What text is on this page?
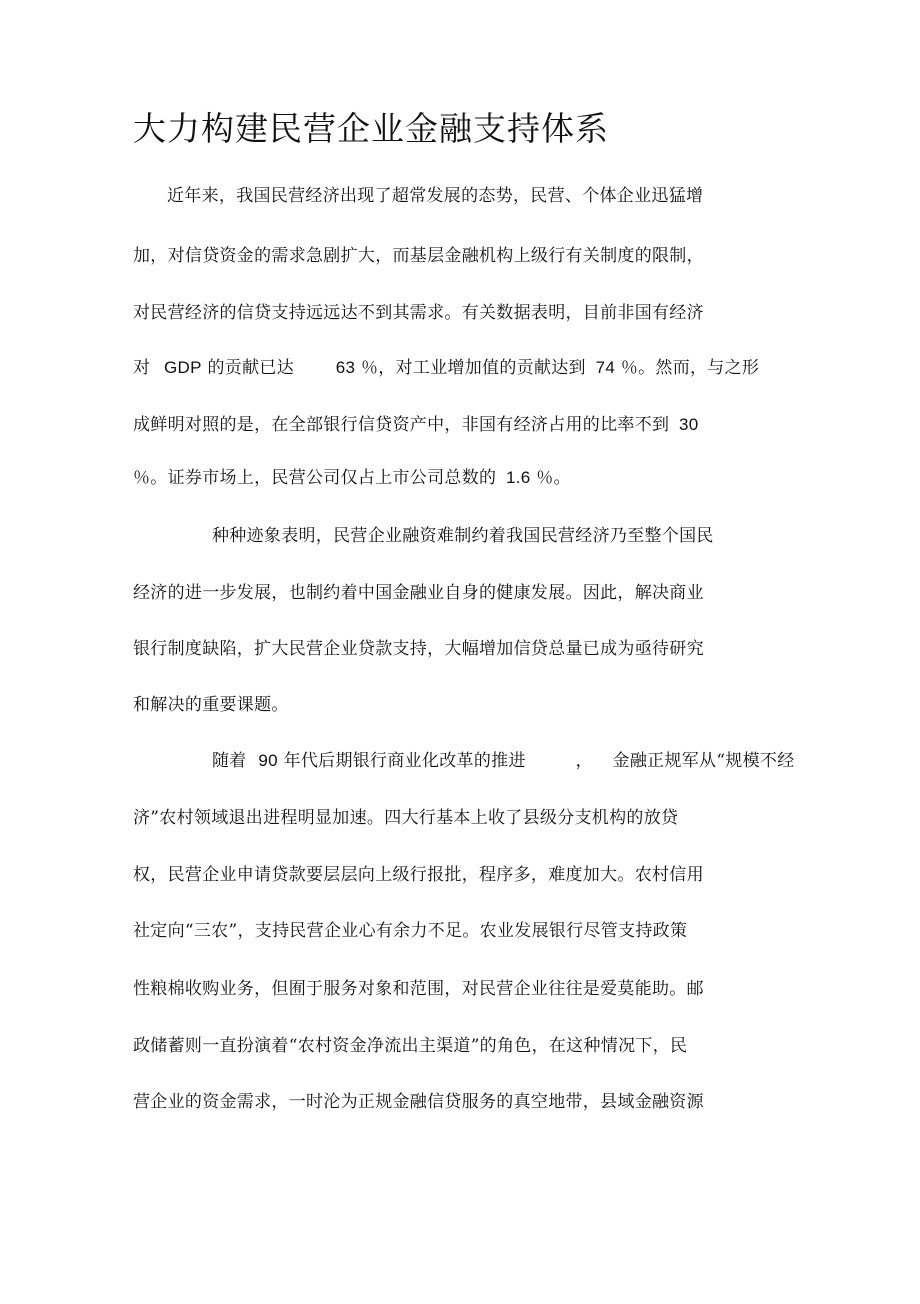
大力构建民营企业金融支持体系
近年来，我国民营经济出现了超常发展的态势，民营、个体企业迅猛增
加，对信贷资金的需求急剧扩大，而基层金融机构上级行有关制度的限制，
对民营经济的信贷支持远远达不到其需求。有关数据表明，目前非国有经济
对 GDP 的贡献已达 63 ％，对工业增加值的贡献达到 74 ％。然而，与之形
成鲜明对照的是，在全部银行信贷资产中，非国有经济占用的比率不到 30
％。证券市场上，民营公司仅占上市公司总数的 1.6 ％。
种种迹象表明，民营企业融资难制约着我国民营经济乃至整个国民
经济的进一步发展，也制约着中国金融业自身的健康发展。因此，解决商业
银行制度缺陷，扩大民营企业贷款支持，大幅增加信贷总量已成为亟待研究
和解决的重要课题。
随着 90 年代后期银行商业化改革的推进	， 金融正规军从“规模不经
济”农村领域退出进程明显加速。四大行基本上收了县级分支机构的放贷
权，民营企业申请贷款要层层向上级行报批，程序多，难度加大。农村信用
社定向“三农”，支持民营企业心有余力不足。农业发展银行尽管支持政策
性粮棉收购业务，但囿于服务对象和范围，对民营企业往往是爱莫能助。邮
政储蓄则一直扮演着“农村资金净流出主渠道”的角色，在这种情况下，民
营企业的资金需求，一时沦为正规金融信贷服务的真空地带，县域金融资源
